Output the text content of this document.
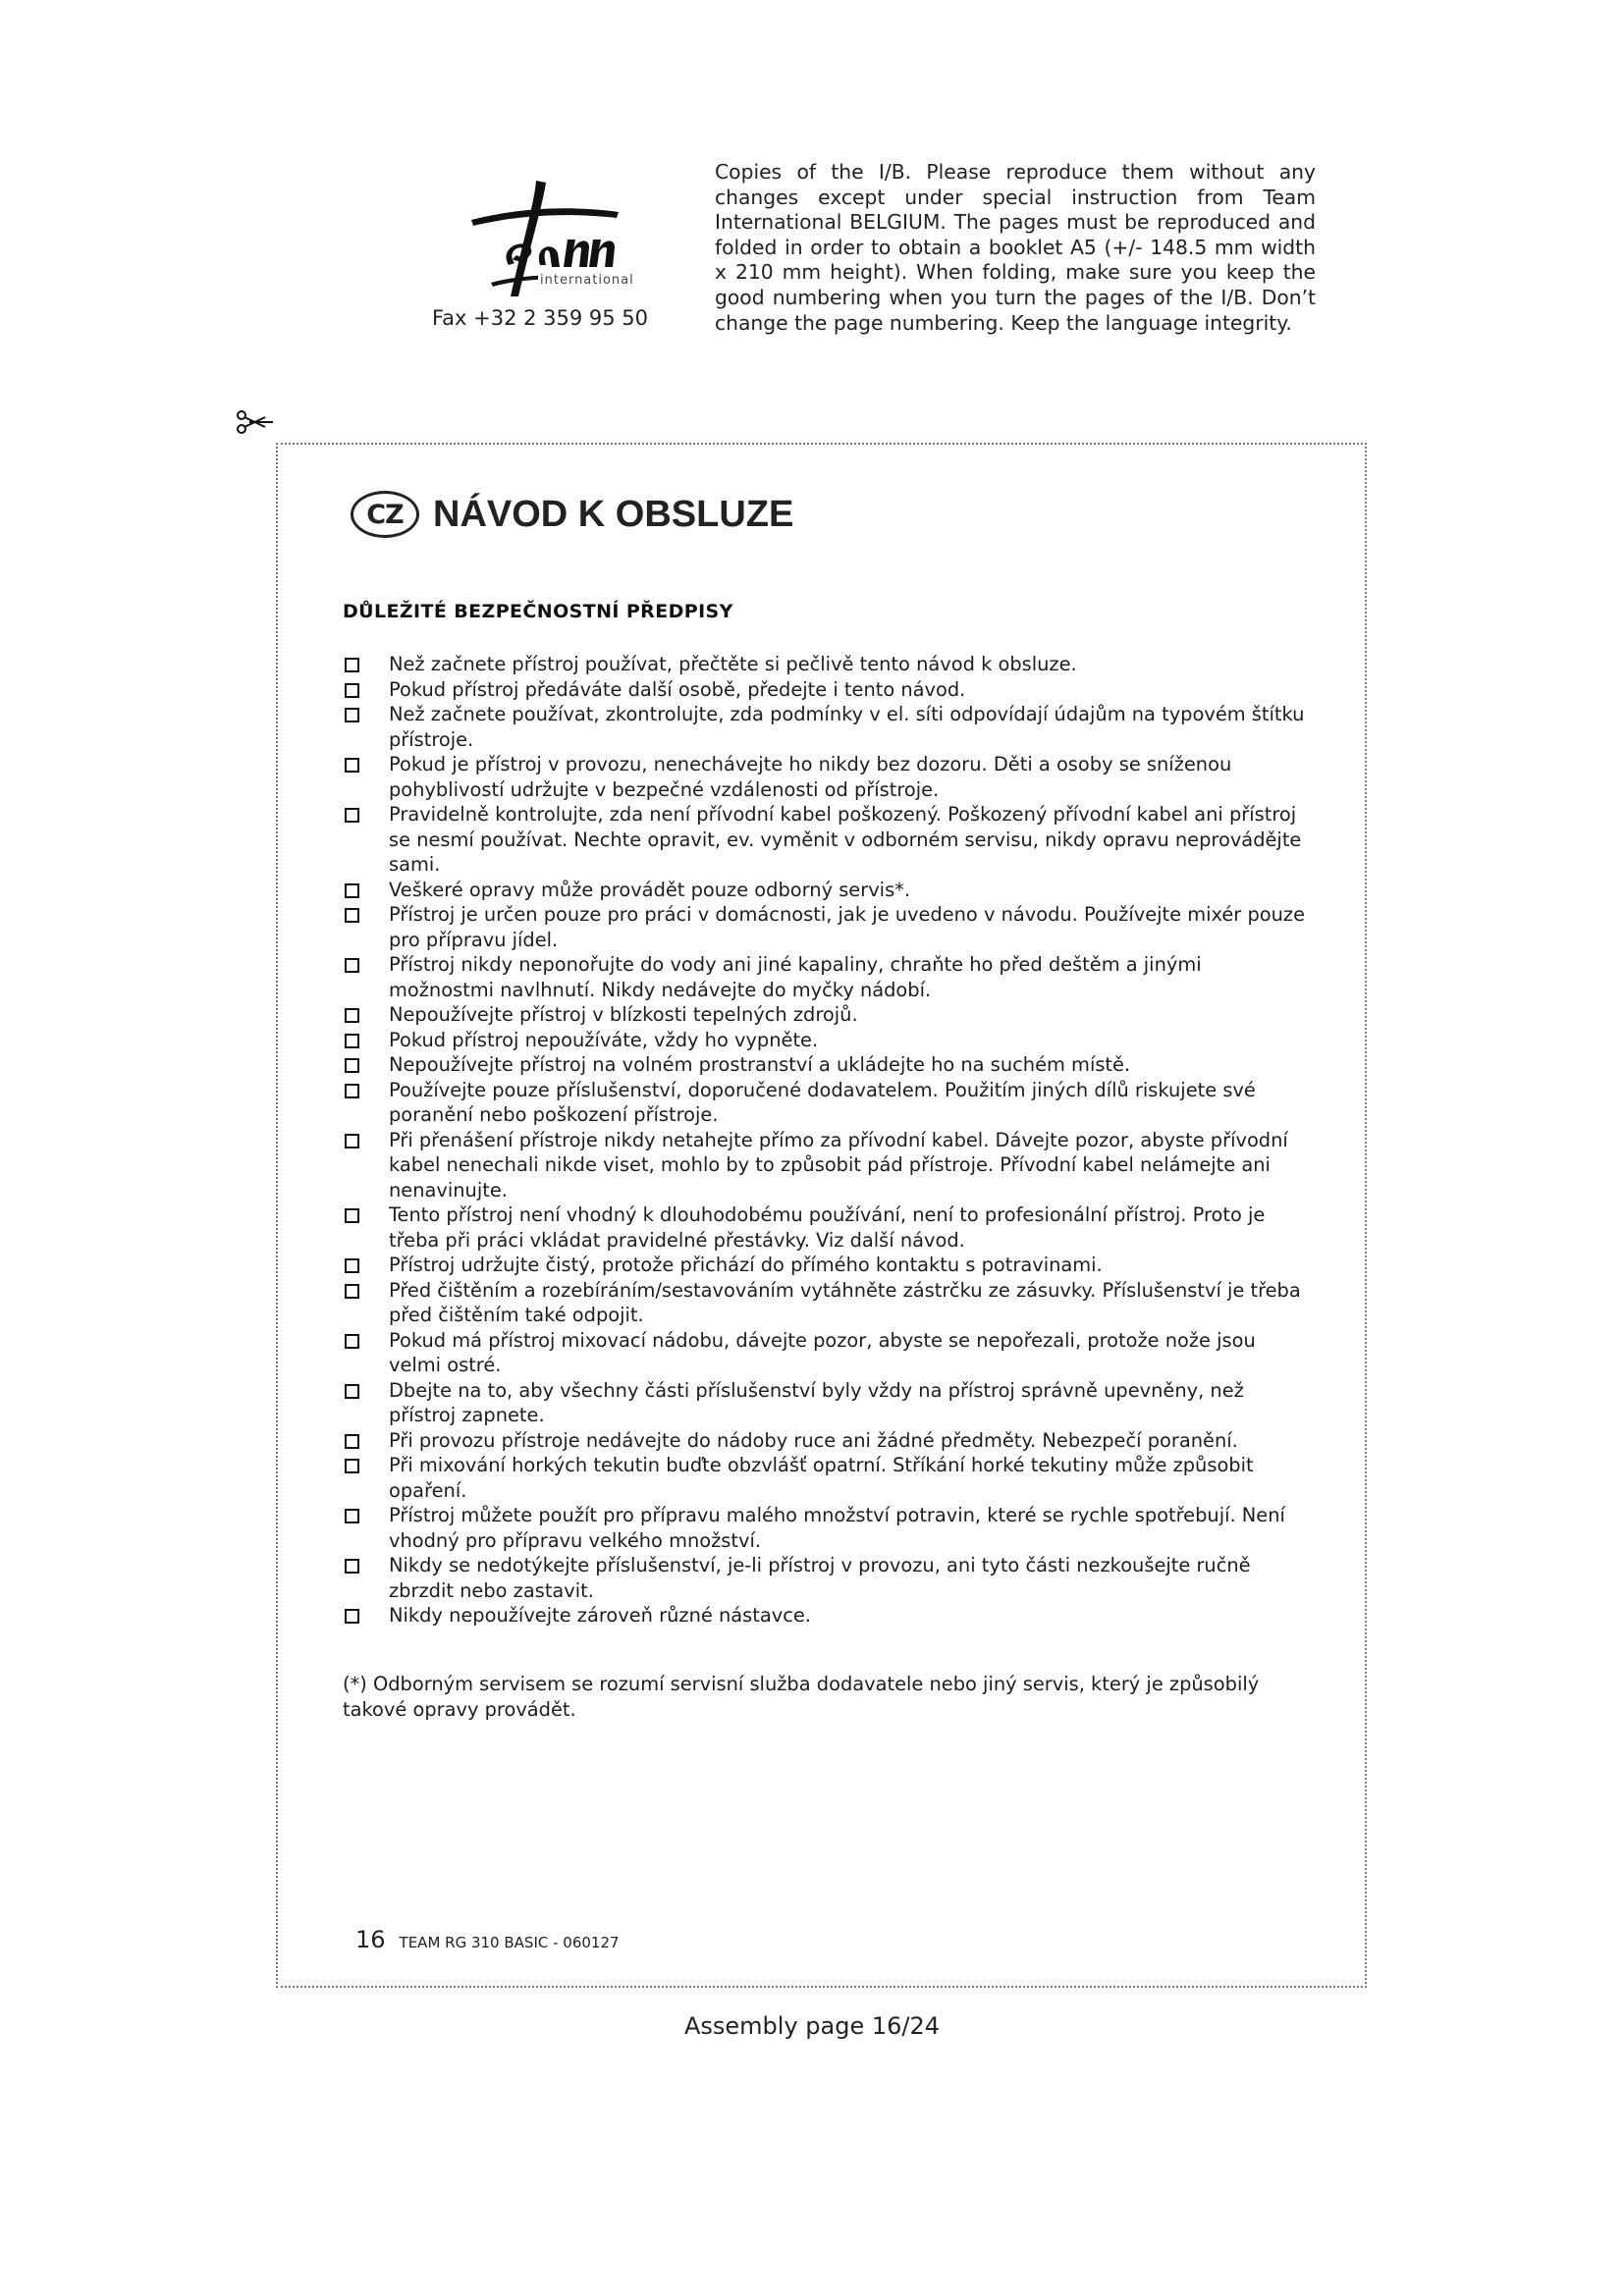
international
Fax +32 2 359 95 50
Copies of the I/B. Please reproduce them without any changes except under special instruction from Team International BELGIUM. The pages must be reproduced and folded in order to obtain a booklet A5 (+/- 148.5 mm width x 210 mm height). When folding, make sure you keep the good numbering when you turn the pages of the I/B. Don’t change the page numbering. Keep the language integrity.
CZ NÁVOD K OBSLUZE
DŮLEŽITÉ BEZPEČNOSTNÍ PŘEDPISY
Než začnete přístroj používat, přečtěte si pečlivě tento návod k obsluze.
Pokud přístroj předáváte další osobě, předejte i tento návod.
Než začnete používat, zkontrolujte, zda podmínky v el. síti odpovídají údajům na typovém štítku přístroje.
Pokud je přístroj v provozu, nenechávejte ho nikdy bez dozoru. Děti a osoby se sníženou pohyblivostí udržujte v bezpečné vzdálenosti od přístroje.
Pravidelně kontrolujte, zda není přívodní kabel poškozený. Poškozený přívodní kabel ani přístroj se nesmí používat. Nechte opravit, ev. vyměnit v odborném servisu, nikdy opravu neprovádějte sami.
Veškeré opravy může provádět pouze odborný servis*.
Přístroj je určen pouze pro práci v domácnosti, jak je uvedeno v návodu. Používejte mixér pouze pro přípravu jídel.
Přístroj nikdy neponořujte do vody ani jiné kapaliny, chraňte ho před deštěm a jinými možnostmi navlhnutí. Nikdy nedávejte do myčky nádobí.
Nepoužívejte přístroj v blízkosti tepelných zdrojů.
Pokud přístroj nepoužíváte, vždy ho vypněte.
Nepoužívejte přístroj na volném prostranství a ukládejte ho na suchém místě.
Používejte pouze příslušenství, doporučené dodavatelem. Použitím jiných dílů riskujete své poranění nebo poškození přístroje.
Při přenášení přístroje nikdy netahejte přímo za přívodní kabel. Dávejte pozor, abyste přívodní kabel nenechali nikde viset, mohlo by to způsobit pád přístroje. Přívodní kabel nelámejte ani nenavinujte.
Tento přístroj není vhodný k dlouhodobému používání, není to profesionální přístroj. Proto je třeba při práci vkládat pravidelné přestávky. Viz další návod.
Přístroj udržujte čistý, protože přichází do přímého kontaktu s potravinami.
Před čištěním a rozebíráním/sestavováním vytáhněte zástrčku ze zásuvky. Příslušenství je třeba před čištěním také odpojit.
Pokud má přístroj mixovací nádobu, dávejte pozor, abyste se nepořezali, protože nože jsou velmi ostré.
Dbejte na to, aby všechny části příslušenství byly vždy na přístroj správně upevněny, než přístroj zapnete.
Při provozu přístroje nedávejte do nádoby ruce ani žádné předměty. Nebezpečí poranění.
Při mixování horkých tekutin buďte obzvlášť opatrní. Stříkání horké tekutiny může způsobit opaření.
Přístroj můžete použít pro přípravu malého množství potravin, které se rychle spotřebují. Není vhodný pro přípravu velkého množství.
Nikdy se nedotýkejte příslušenství, je-li přístroj v provozu, ani tyto části nezkoušejte ručně zbrzdit nebo zastavit.
Nikdy nepoužívejte zároveň různé nástavce.
(*) Odborným servisem se rozumí servisní služba dodavatele nebo jiný servis, který je způsobilý takové opravy provádět.
16 TEAM RG 310 BASIC - 060127
Assembly page 16/24
